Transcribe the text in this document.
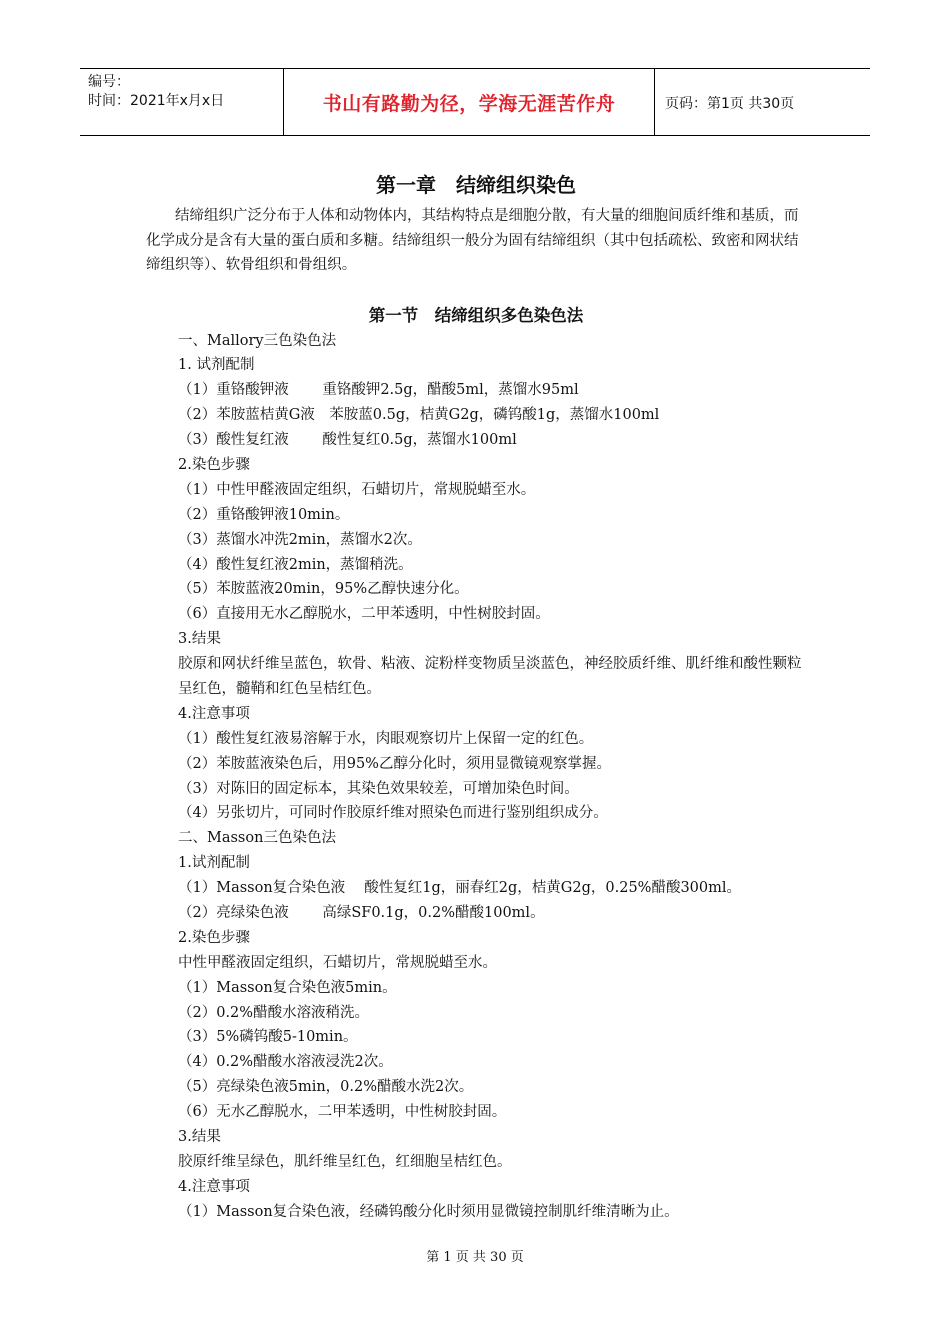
编号：
时间：2021年x月x日	书山有路勤为径，学海无涯苦作舟	页码：第1页 共30页
第一章　结缔组织染色

结缔组织广泛分布于人体和动物体内，其结构特点是细胞分散，有大量的细胞间质纤维和基质，而化学成分是含有大量的蛋白质和多糖。结缔组织一般分为固有结缔组织（其中包括疏松、致密和网状结缔组织等）、软骨组织和骨组织。

第一节　结缔组织多色染色法
一、Mallory三色染色法
1. 试剂配制
（1）重铬酸钾液　　 重铬酸钾2.5g，醋酸5ml，蒸馏水95ml
（2）苯胺蓝桔黄G液　苯胺蓝0.5g，桔黄G2g，磷钨酸1g，蒸馏水100ml
（3）酸性复红液　　 酸性复红0.5g，蒸馏水100ml
2.染色步骤
（1）中性甲醛液固定组织，石蜡切片，常规脱蜡至水。
（2）重铬酸钾液10min。
（3）蒸馏水冲洗2min，蒸馏水2次。
（4）酸性复红液2min，蒸馏稍洗。
（5）苯胺蓝液20min，95%乙醇快速分化。
（6）直接用无水乙醇脱水，二甲苯透明，中性树胶封固。
3.结果
胶原和网状纤维呈蓝色，软骨、粘液、淀粉样变物质呈淡蓝色，神经胶质纤维、肌纤维和酸性颗粒呈红色，髓鞘和红色呈桔红色。
4.注意事项
（1）酸性复红液易溶解于水，肉眼观察切片上保留一定的红色。
（2）苯胺蓝液染色后，用95%乙醇分化时，须用显微镜观察掌握。
（3）对陈旧的固定标本，其染色效果较差，可增加染色时间。
（4）另张切片，可同时作胶原纤维对照染色而进行鉴别组织成分。
二、Masson三色染色法
1.试剂配制
（1）Masson复合染色液　 酸性复红1g，丽春红2g，桔黄G2g，0.25%醋酸300ml。
（2）亮绿染色液　　 高绿SF0.1g，0.2%醋酸100ml。
2.染色步骤
中性甲醛液固定组织，石蜡切片，常规脱蜡至水。
（1）Masson复合染色液5min。
（2）0.2%醋酸水溶液稍洗。
（3）5%磷钨酸5-10min。
（4）0.2%醋酸水溶液浸洗2次。
（5）亮绿染色液5min，0.2%醋酸水洗2次。
（6）无水乙醇脱水，二甲苯透明，中性树胶封固。
3.结果
胶原纤维呈绿色，肌纤维呈红色，红细胞呈桔红色。
4.注意事项
（1）Masson复合染色液，经磷钨酸分化时须用显微镜控制肌纤维清晰为止。
第 1 页 共 30 页
